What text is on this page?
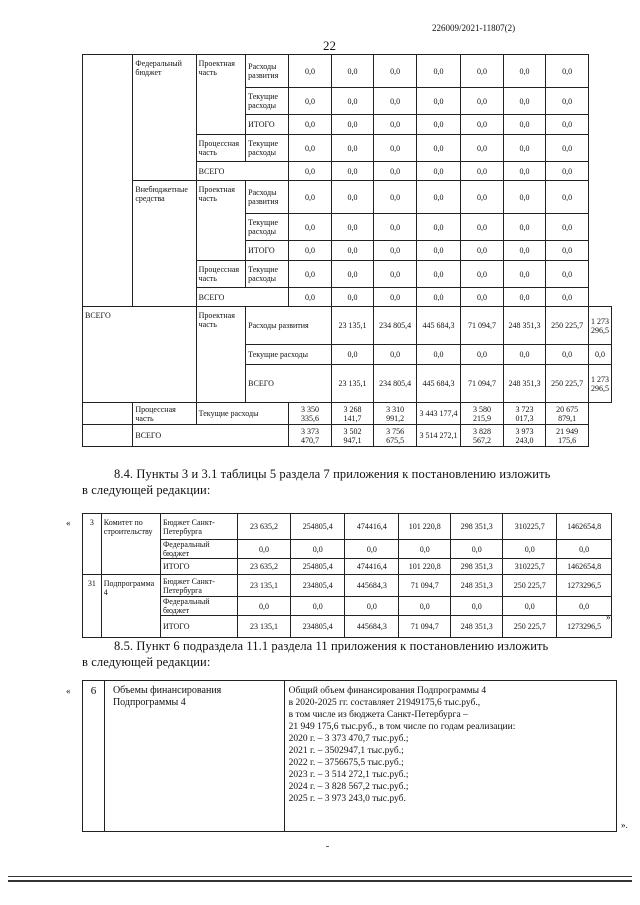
226009/2021-11807(2)
22
	Федеральный бюджет	Проектная часть	Расходы развития	0,0	0,0	0,0	0,0	0,0	0,0	0,0	
			Текущие расходы	0,0	0,0	0,0	0,0	0,0	0,0	0,0	
			ИТОГО	0,0	0,0	0,0	0,0	0,0	0,0	0,0	
		Процессная часть	Текущие расходы	0,0	0,0	0,0	0,0	0,0	0,0	0,0	
		ВСЕГО		0,0	0,0	0,0	0,0	0,0	0,0	0,0	
	Внебюджетные средства	Проектная часть	Расходы развития	0,0	0,0	0,0	0,0	0,0	0,0	0,0	
			Текущие расходы	0,0	0,0	0,0	0,0	0,0	0,0	0,0	
			ИТОГО	0,0	0,0	0,0	0,0	0,0	0,0	0,0	
		Процессная часть	Текущие расходы	0,0	0,0	0,0	0,0	0,0	0,0	0,0	
		ВСЕГО		0,0	0,0	0,0	0,0	0,0	0,0	0,0	
ВСЕГО		Проектная часть	Расходы развития		23 135,1	234 805,4	445 684,3	71 094,7	248 351,3	250 225,7	1 273 296,5
			Текущие расходы		0,0	0,0	0,0	0,0	0,0	0,0	0,0
			ВСЕГО		23 135,1	234 805,4	445 684,3	71 094,7	248 351,3	250 225,7	1 273 296,5
	Процессная часть	Текущие расходы		3 350 335,6	3 268 141,7	3 310 991,2	3 443 177,4	3 580 215,9	3 723 017,3	20 675 879,1	
	ВСЕГО			3 373 470,7	3 502 947,1	3 756 675,5	3 514 272,1	3 828 567,2	3 973 243,0	21 949 175,6	
8.4. Пункты 3 и 3.1 таблицы 5 раздела 7 приложения к постановлению изложить
в следующей редакции:
« 3	Комитет по строительству	Бюджет Санкт-Петербурга	23 635,2	254805,4	474416,4	101 220,8	298 351,3	310225,7	1462654,8
		Федеральный бюджет	0,0	0,0	0,0	0,0	0,0	0,0	0,0
		ИТОГО	23 635,2	254805,4	474416,4	101 220,8	298 351,3	310225,7	1462654,8
31	Подпрограмма 4	Бюджет Санкт-Петербурга	23 135,1	234805,4	445684,3	71 094,7	248 351,3	250 225,7	1273296,5
		Федеральный бюджет	0,0	0,0	0,0	0,0	0,0	0,0	0,0
		ИТОГО	23 135,1	234805,4	445684,3	71 094,7	248 351,3	250 225,7	1273296,5
».
8.5. Пункт 6 подраздела 11.1 раздела 11 приложения к постановлению изложить
в следующей редакции:
« 6	Объемы финансирования Подпрограммы 4	
Общий объем финансирования Подпрограммы 4
в 2020-2025 гг. составляет 21949175,6 тыс.руб.,
в том числе из бюджета Санкт-Петербурга –
21 949 175,6 тыс.руб., в том числе по годам реализации:
2020 г. – 3 373 470,7 тыс.руб.;
2021 г. – 3502947,1 тыс.руб.;
2022 г. – 3756675,5 тыс.руб.;
2023 г. – 3 514 272,1 тыс.руб.;
2024 г. – 3 828 567,2 тыс.руб.;
2025 г. – 3 973 243,0 тыс.руб.
».
